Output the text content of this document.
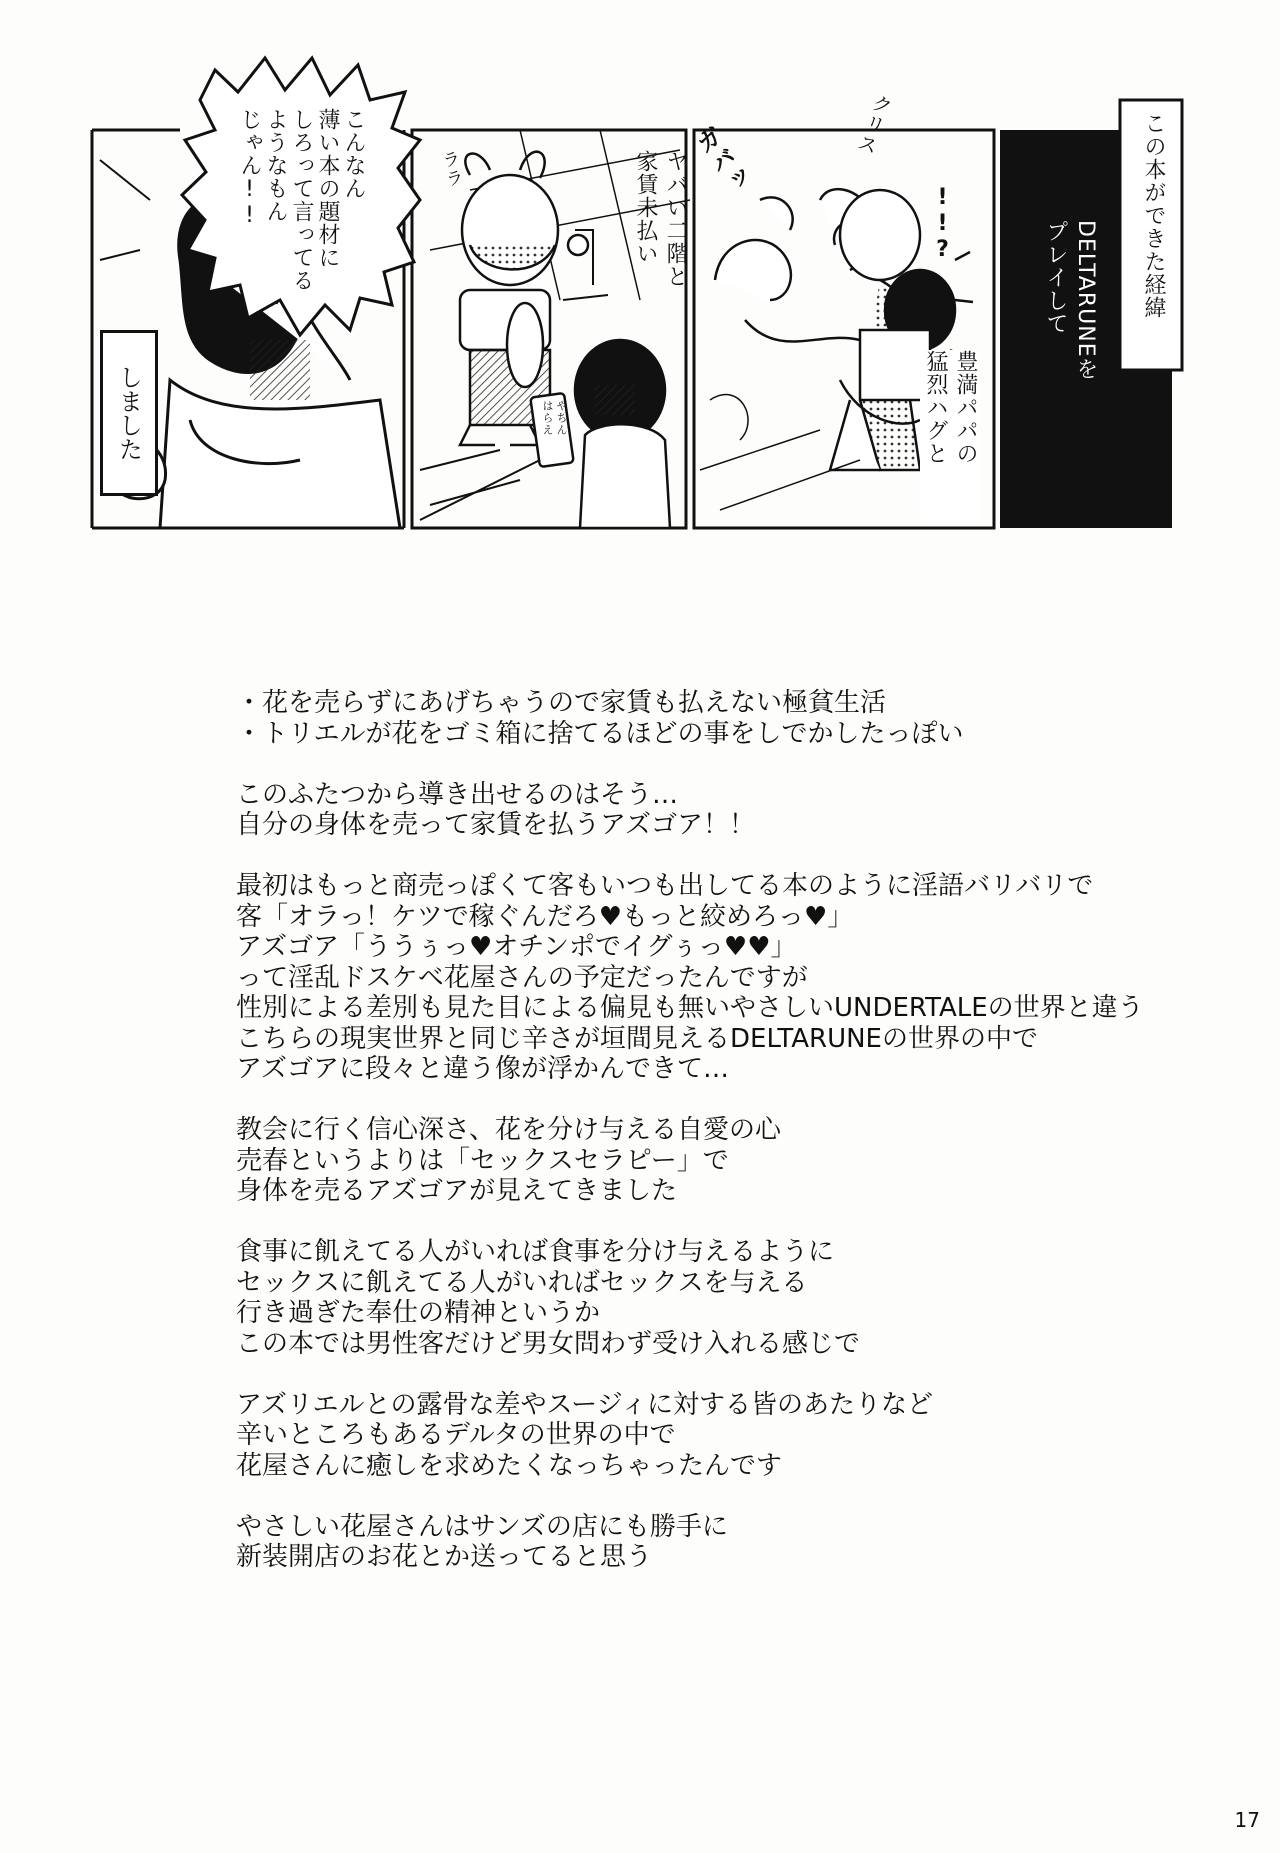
しました
こんなん
薄い本の題材に
しろって言ってる
ようなもん
じゃん!!	ヤバい二階と
家賃未払い
ララ
やちん
はらえ	豊満パパの
猛烈ハグと
ガバッ	クリス
!!?	この本ができた経緯
DELTARUNEを
プレイして

・花を売らずにあげちゃうので家賃も払えない極貧生活
・トリエルが花をゴミ箱に捨てるほどの事をしでかしたっぽい

このふたつから導き出せるのはそう…
自分の身体を売って家賃を払うアズゴア！！

最初はもっと商売っぽくて客もいつも出してる本のように淫語バリバリで
客「オラっ！ケツで稼ぐんだろ♥もっと絞めろっ♥」
アズゴア「ううぅっ♥オチンポでイグぅっ♥♥」
って淫乱ドスケベ花屋さんの予定だったんですが
性別による差別も見た目による偏見も無いやさしいUNDERTALEの世界と違う
こちらの現実世界と同じ辛さが垣間見えるDELTARUNEの世界の中で
アズゴアに段々と違う像が浮かんできて…

教会に行く信心深さ、花を分け与える自愛の心
売春というよりは「セックスセラピー」で
身体を売るアズゴアが見えてきました

食事に飢えてる人がいれば食事を分け与えるように
セックスに飢えてる人がいればセックスを与える
行き過ぎた奉仕の精神というか
この本では男性客だけど男女問わず受け入れる感じで

アズリエルとの露骨な差やスージィに対する皆のあたりなど
辛いところもあるデルタの世界の中で
花屋さんに癒しを求めたくなっちゃったんです

やさしい花屋さんはサンズの店にも勝手に
新装開店のお花とか送ってると思う

17
